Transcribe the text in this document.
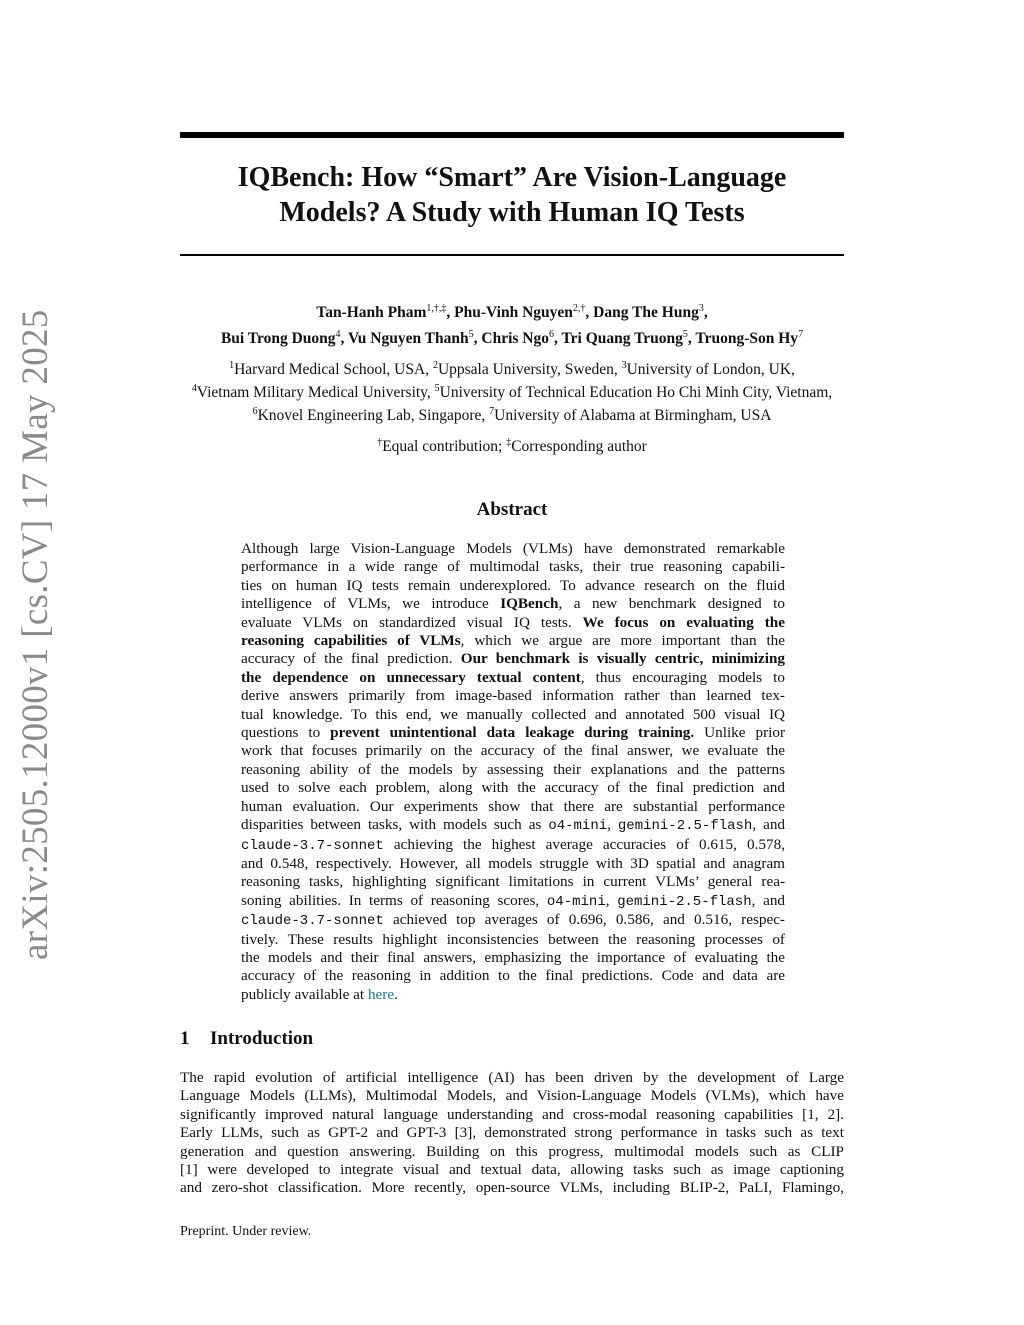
arXiv:2505.12000v1 [cs.CV] 17 May 2025
IQBench: How “Smart” Are Vision-Language
Models? A Study with Human IQ Tests
Tan-Hanh Pham$^{1,\dagger,\ddagger}$, Phu-Vinh Nguyen$^{2,\dagger}$, Dang The Hung$^3$,
Bui Trong Duong$^4$, Vu Nguyen Thanh$^5$, Chris Ngo$^6$, Tri Quang Truong$^5$, Truong-Son Hy$^7$
$^1$Harvard Medical School, USA, $^2$Uppsala University, Sweden, $^3$University of London, UK,
$^4$Vietnam Military Medical University, $^5$University of Technical Education Ho Chi Minh City, Vietnam,
$^6$Knovel Engineering Lab, Singapore, $^7$University of Alabama at Birmingham, USA
†Equal contribution; ‡Corresponding author
Abstract
Although large Vision-Language Models (VLMs) have demonstrated remarkable
performance in a wide range of multimodal tasks, their true reasoning capabili-
ties on human IQ tests remain underexplored. To advance research on the fluid
intelligence of VLMs, we introduce IQBench, a new benchmark designed to
evaluate VLMs on standardized visual IQ tests. We focus on evaluating the
reasoning capabilities of VLMs, which we argue are more important than the
accuracy of the final prediction. Our benchmark is visually centric, minimizing
the dependence on unnecessary textual content, thus encouraging models to
derive answers primarily from image-based information rather than learned tex-
tual knowledge. To this end, we manually collected and annotated 500 visual IQ
questions to prevent unintentional data leakage during training. Unlike prior
work that focuses primarily on the accuracy of the final answer, we evaluate the
reasoning ability of the models by assessing their explanations and the patterns
used to solve each problem, along with the accuracy of the final prediction and
human evaluation. Our experiments show that there are substantial performance
disparities between tasks, with models such as o4-mini, gemini-2.5-flash, and
claude-3.7-sonnet achieving the highest average accuracies of 0.615, 0.578,
and 0.548, respectively. However, all models struggle with 3D spatial and anagram
reasoning tasks, highlighting significant limitations in current VLMs’ general rea-
soning abilities. In terms of reasoning scores, o4-mini, gemini-2.5-flash, and
claude-3.7-sonnet achieved top averages of 0.696, 0.586, and 0.516, respec-
tively. These results highlight inconsistencies between the reasoning processes of
the models and their final answers, emphasizing the importance of evaluating the
accuracy of the reasoning in addition to the final predictions. Code and data are
publicly available at here.
1 Introduction
The rapid evolution of artificial intelligence (AI) has been driven by the development of Large
Language Models (LLMs), Multimodal Models, and Vision-Language Models (VLMs), which have
significantly improved natural language understanding and cross-modal reasoning capabilities [1, 2].
Early LLMs, such as GPT-2 and GPT-3 [3], demonstrated strong performance in tasks such as text
generation and question answering. Building on this progress, multimodal models such as CLIP
[1] were developed to integrate visual and textual data, allowing tasks such as image captioning
and zero-shot classification. More recently, open-source VLMs, including BLIP-2, PaLI, Flamingo,
Preprint. Under review.
